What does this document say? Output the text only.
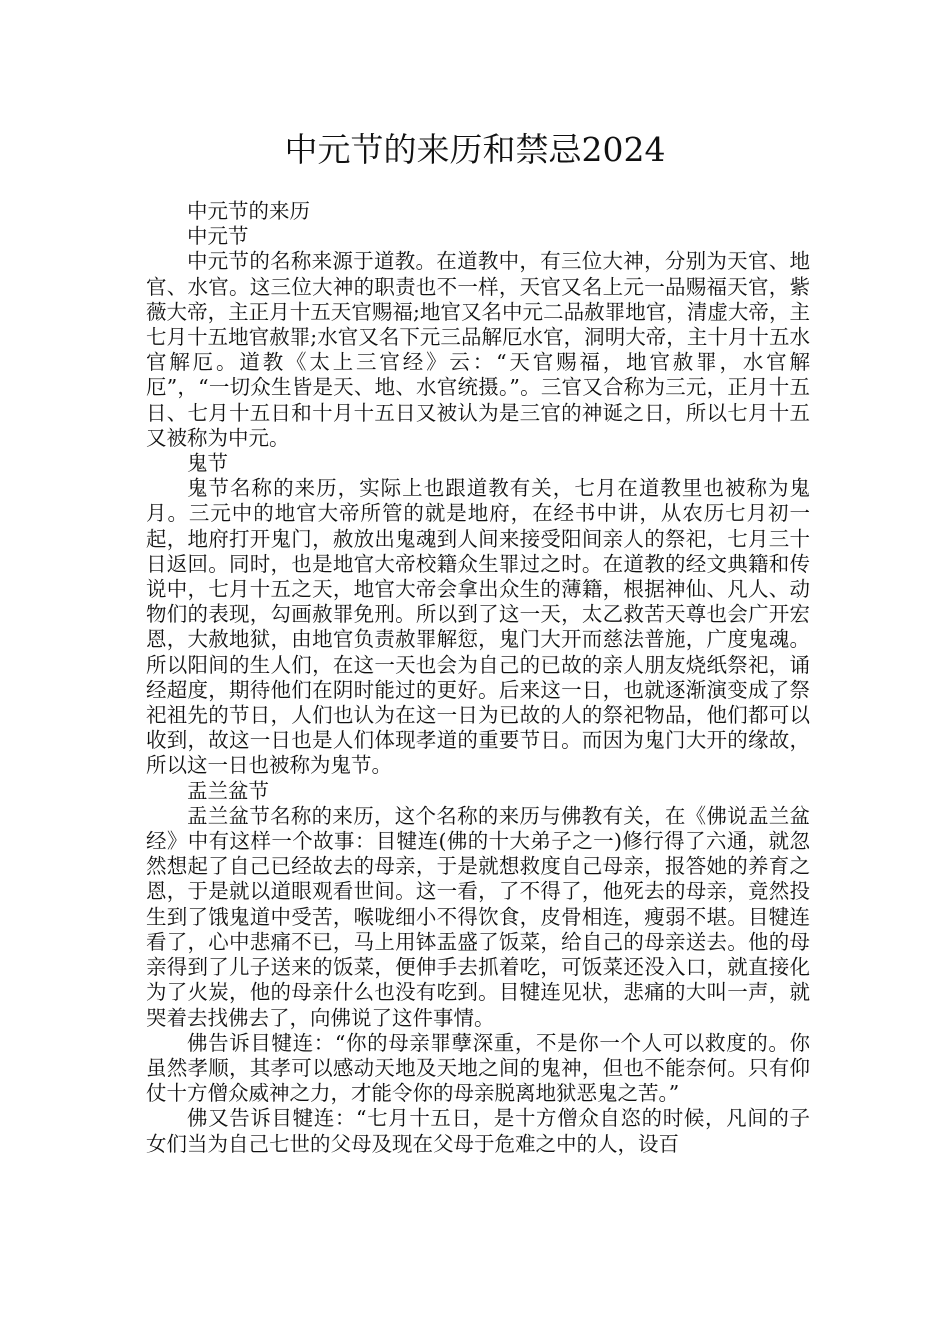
中元节的来历和禁忌2024

中元节的来历

中元节

中元节的名称来源于道教。在道教中，有三位大神，分别为天官、地官、水官。这三位大神的职责也不一样，天官又名上元一品赐福天官，紫薇大帝，主正月十五天官赐福;地官又名中元二品赦罪地官，清虚大帝，主七月十五地官赦罪;水官又名下元三品解厄水官，洞明大帝，主十月十五水官解厄。道教《太上三官经》云：“天官赐福，地官赦罪，水官解厄”，“一切众生皆是天、地、水官统摄。”。三官又合称为三元，正月十五日、七月十五日和十月十五日又被认为是三官的神诞之日，所以七月十五又被称为中元。

鬼节

鬼节名称的来历，实际上也跟道教有关，七月在道教里也被称为鬼月。三元中的地官大帝所管的就是地府，在经书中讲，从农历七月初一起，地府打开鬼门，赦放出鬼魂到人间来接受阳间亲人的祭祀，七月三十日返回。同时，也是地官大帝校籍众生罪过之时。在道教的经文典籍和传说中，七月十五之天，地官大帝会拿出众生的薄籍，根据神仙、凡人、动物们的表现，勾画赦罪免刑。所以到了这一天，太乙救苦天尊也会广开宏恩，大赦地狱，由地官负责赦罪解愆，鬼门大开而慈法普施，广度鬼魂。所以阳间的生人们，在这一天也会为自己的已故的亲人朋友烧纸祭祀，诵经超度，期待他们在阴时能过的更好。后来这一日，也就逐渐演变成了祭祀祖先的节日，人们也认为在这一日为已故的人的祭祀物品，他们都可以收到，故这一日也是人们体现孝道的重要节日。而因为鬼门大开的缘故，所以这一日也被称为鬼节。

盂兰盆节

盂兰盆节名称的来历，这个名称的来历与佛教有关，在《佛说盂兰盆经》中有这样一个故事：目犍连(佛的十大弟子之一)修行得了六通，就忽然想起了自己已经故去的母亲，于是就想救度自己母亲，报答她的养育之恩，于是就以道眼观看世间。这一看，了不得了，他死去的母亲，竟然投生到了饿鬼道中受苦，喉咙细小不得饮食，皮骨相连，瘦弱不堪。目犍连看了，心中悲痛不已，马上用钵盂盛了饭菜，给自己的母亲送去。他的母亲得到了儿子送来的饭菜，便伸手去抓着吃，可饭菜还没入口，就直接化为了火炭，他的母亲什么也没有吃到。目犍连见状，悲痛的大叫一声，就哭着去找佛去了，向佛说了这件事情。

佛告诉目犍连：“你的母亲罪孽深重，不是你一个人可以救度的。你虽然孝顺，其孝可以感动天地及天地之间的鬼神，但也不能奈何。只有仰仗十方僧众威神之力，才能令你的母亲脱离地狱恶鬼之苦。”

佛又告诉目犍连：“七月十五日，是十方僧众自恣的时候，凡间的子女们当为自己七世的父母及现在父母于危难之中的人，设百
